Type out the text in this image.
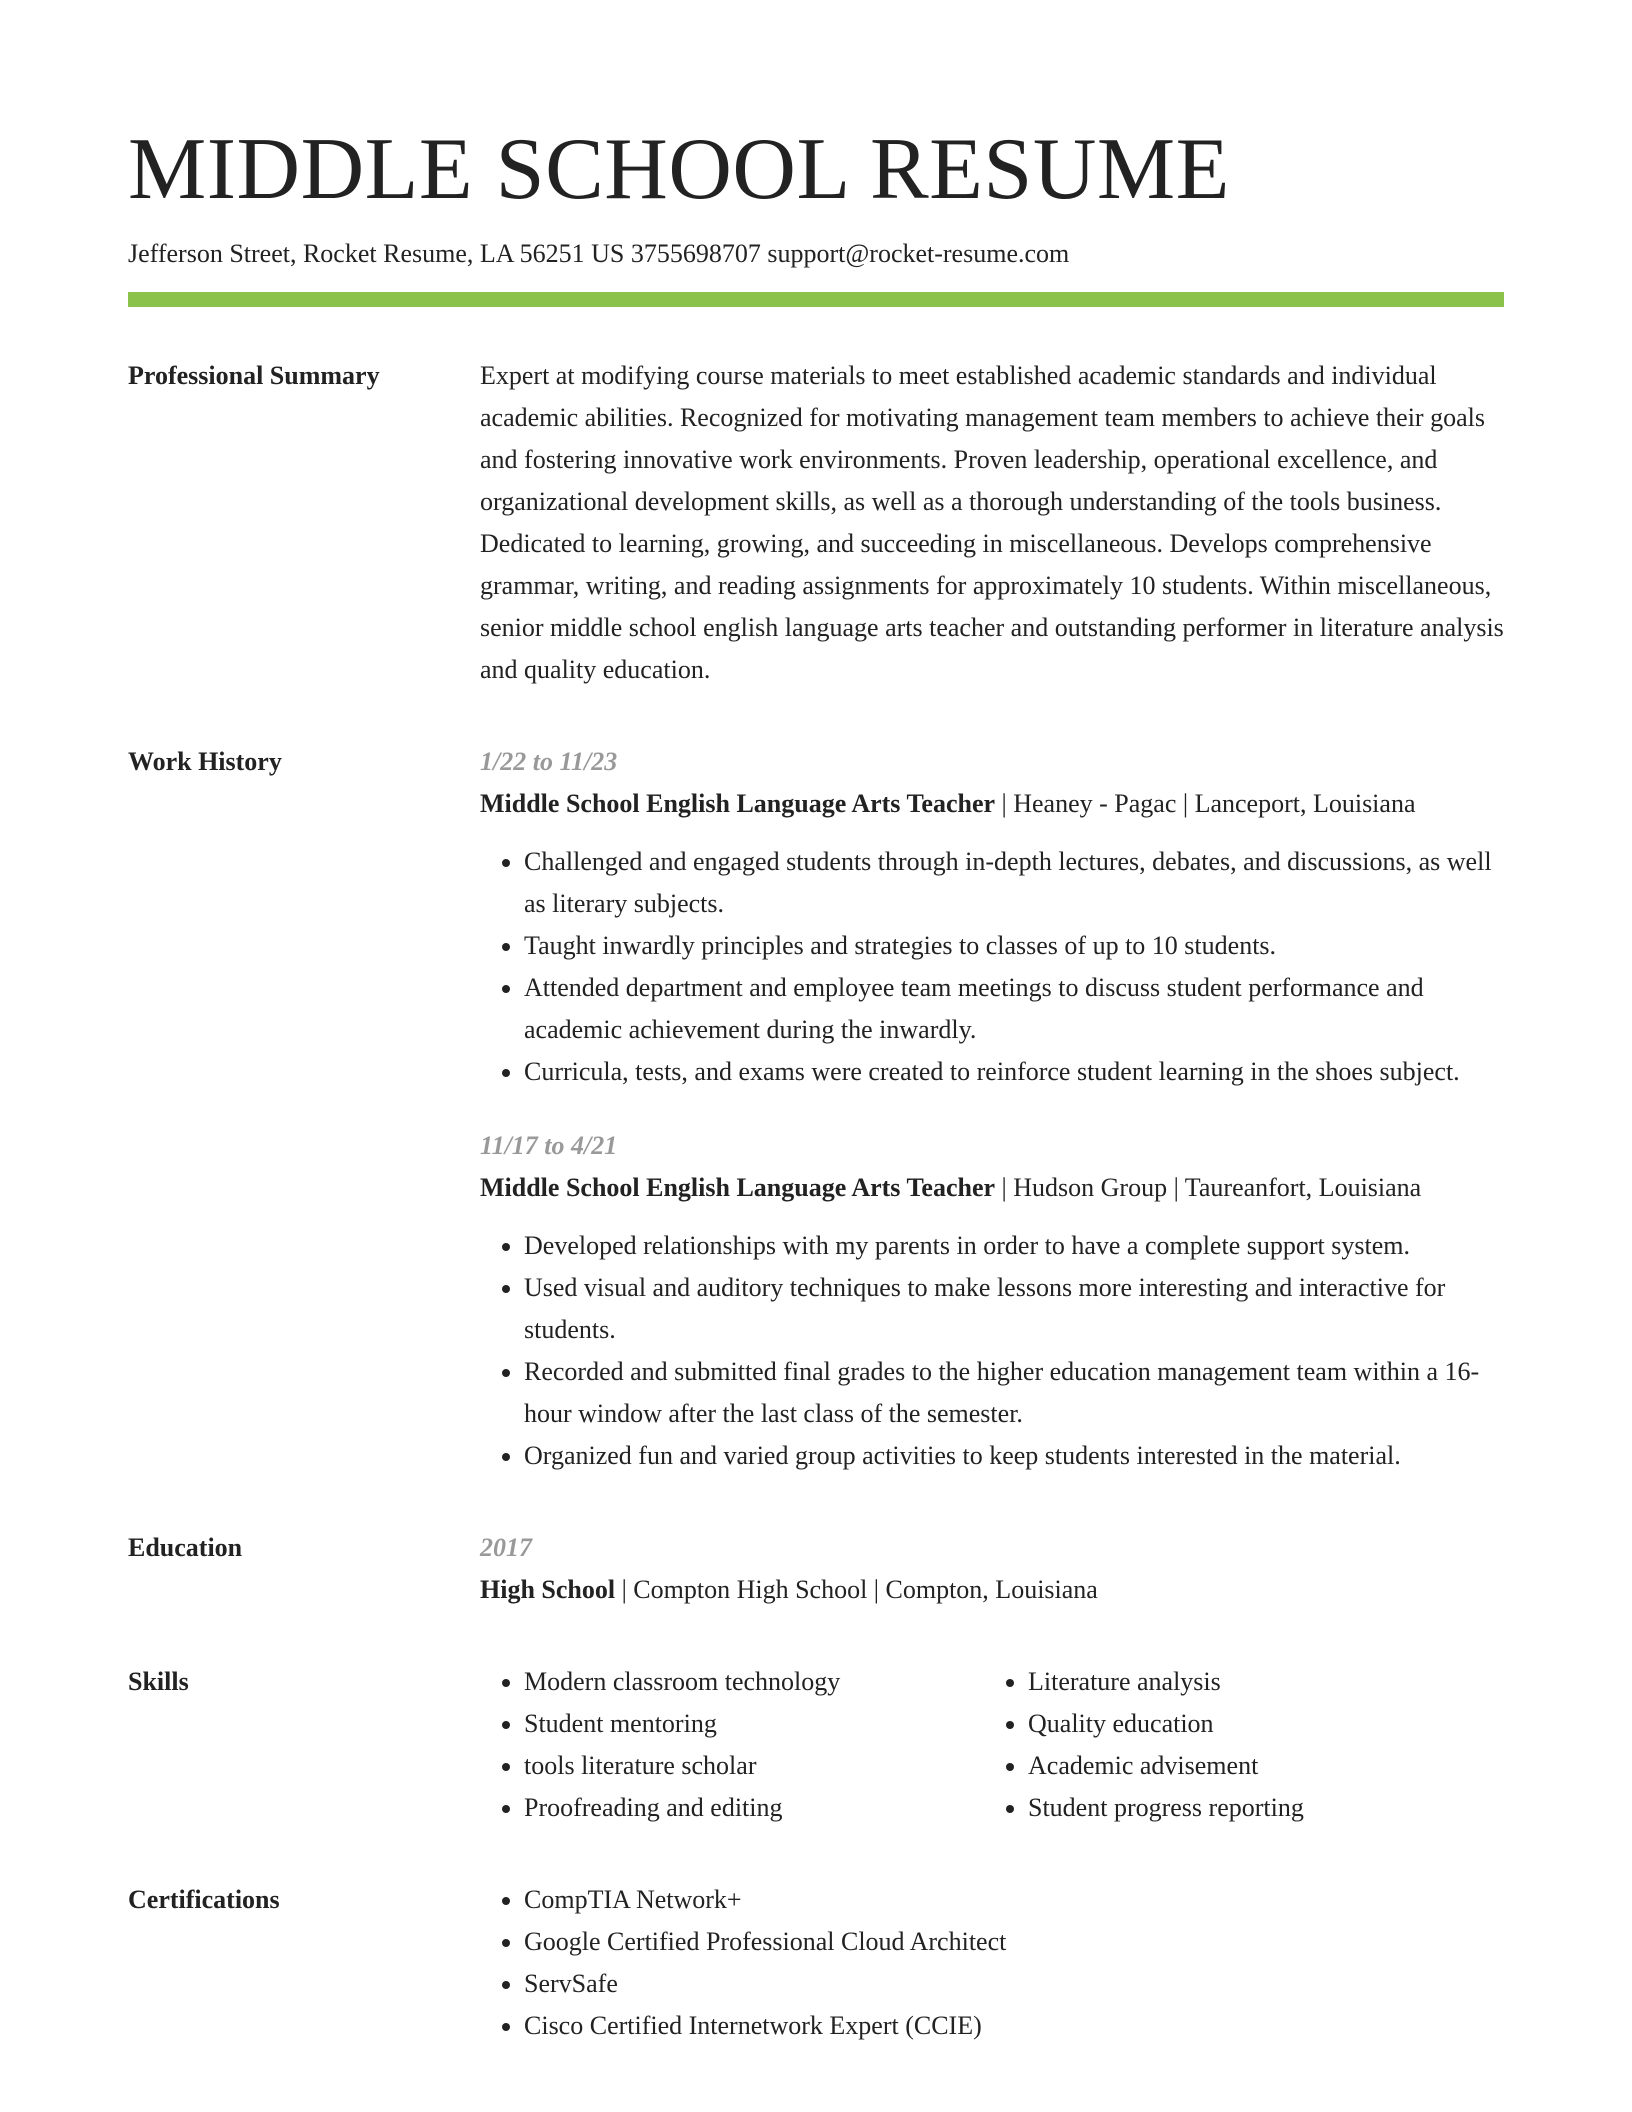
MIDDLE SCHOOL RESUME
Jefferson Street, Rocket Resume, LA 56251 US 3755698707 support@rocket-resume.com
Professional Summary	Expert at modifying course materials to meet established academic standards and individual academic abilities. Recognized for motivating management team members to achieve their goals and fostering innovative work environments. Proven leadership, operational excellence, and organizational development skills, as well as a thorough understanding of the tools business. Dedicated to learning, growing, and succeeding in miscellaneous. Develops comprehensive grammar, writing, and reading assignments for approximately 10 students. Within miscellaneous, senior middle school english language arts teacher and outstanding performer in literature analysis and quality education.

Work History	1/22 to 11/23

Middle School English Language Arts Teacher | Heaney - Pagac | Lanceport, Louisiana

• Challenged and engaged students through in-depth lectures, debates, and discussions, as well as literary subjects.
• Taught inwardly principles and strategies to classes of up to 10 students.
• Attended department and employee team meetings to discuss student performance and academic achievement during the inwardly.
• Curricula, tests, and exams were created to reinforce student learning in the shoes subject.
11/17 to 4/21

Middle School English Language Arts Teacher | Hudson Group | Taureanfort, Louisiana

• Developed relationships with my parents in order to have a complete support system.
• Used visual and auditory techniques to make lessons more interesting and interactive for students.
• Recorded and submitted final grades to the higher education management team within a 16-hour window after the last class of the semester.
• Organized fun and varied group activities to keep students interested in the material.
Education	2017

High School | Compton High School | Compton, Louisiana

Skills	• Modern classroom technology
• Student mentoring
• tools literature scholar
• Proofreading and editing
• Literature analysis
• Quality education
• Academic advisement
• Student progress reporting
Certifications	• CompTIA Network+
• Google Certified Professional Cloud Architect
• ServSafe
• Cisco Certified Internetwork Expert (CCIE)
